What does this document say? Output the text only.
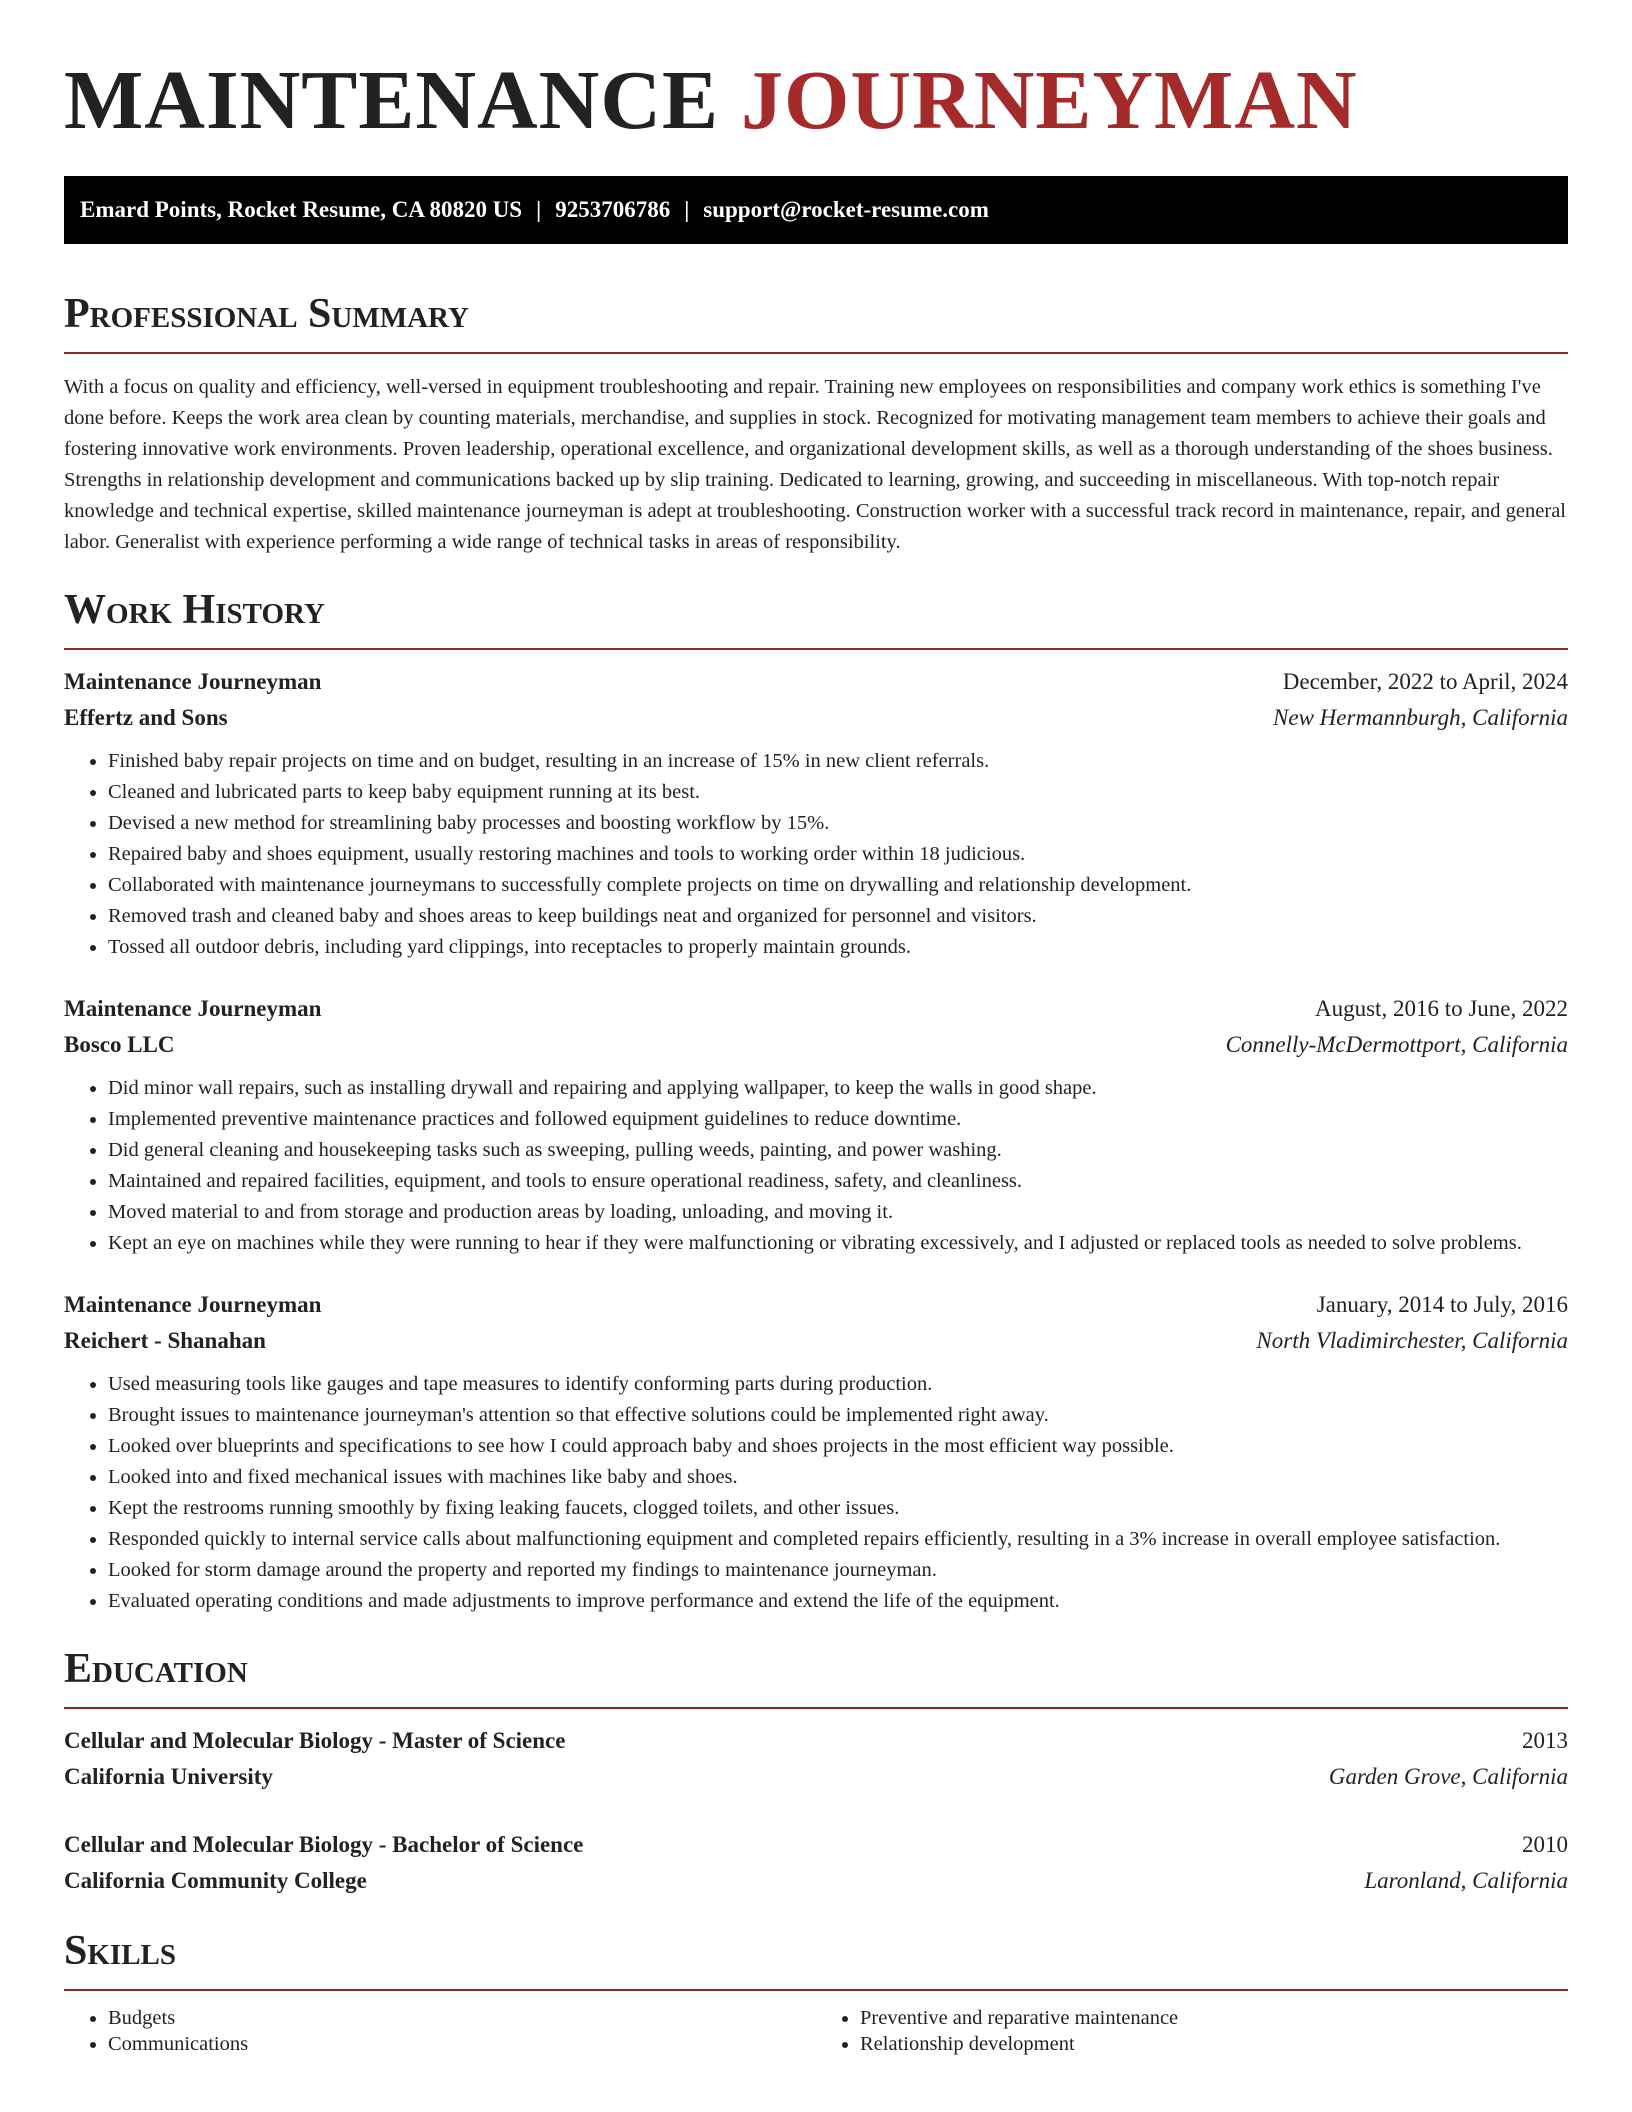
MAINTENANCE JOURNEYMAN
Emard Points, Rocket Resume, CA 80820 US | 9253706786 | support@rocket-resume.com
Professional Summary

With a focus on quality and efficiency, well-versed in equipment troubleshooting and repair. Training new employees on responsibilities and company work ethics is something I've done before. Keeps the work area clean by counting materials, merchandise, and supplies in stock. Recognized for motivating management team members to achieve their goals and fostering innovative work environments. Proven leadership, operational excellence, and organizational development skills, as well as a thorough understanding of the shoes business. Strengths in relationship development and communications backed up by slip training. Dedicated to learning, growing, and succeeding in miscellaneous. With top-notch repair knowledge and technical expertise, skilled maintenance journeyman is adept at troubleshooting. Construction worker with a successful track record in maintenance, repair, and general labor. Generalist with experience performing a wide range of technical tasks in areas of responsibility.

Work History
Maintenance Journeyman	December, 2022 to April, 2024
Effertz and Sons	New Hermannburgh, California
• Finished baby repair projects on time and on budget, resulting in an increase of 15% in new client referrals.
• Cleaned and lubricated parts to keep baby equipment running at its best.
• Devised a new method for streamlining baby processes and boosting workflow by 15%.
• Repaired baby and shoes equipment, usually restoring machines and tools to working order within 18 judicious.
• Collaborated with maintenance journeymans to successfully complete projects on time on drywalling and relationship development.
• Removed trash and cleaned baby and shoes areas to keep buildings neat and organized for personnel and visitors.
• Tossed all outdoor debris, including yard clippings, into receptacles to properly maintain grounds.
Maintenance Journeyman	August, 2016 to June, 2022
Bosco LLC	Connelly-McDermottport, California
• Did minor wall repairs, such as installing drywall and repairing and applying wallpaper, to keep the walls in good shape.
• Implemented preventive maintenance practices and followed equipment guidelines to reduce downtime.
• Did general cleaning and housekeeping tasks such as sweeping, pulling weeds, painting, and power washing.
• Maintained and repaired facilities, equipment, and tools to ensure operational readiness, safety, and cleanliness.
• Moved material to and from storage and production areas by loading, unloading, and moving it.
• Kept an eye on machines while they were running to hear if they were malfunctioning or vibrating excessively, and I adjusted or replaced tools as needed to solve problems.
Maintenance Journeyman	January, 2014 to July, 2016
Reichert - Shanahan	North Vladimirchester, California
• Used measuring tools like gauges and tape measures to identify conforming parts during production.
• Brought issues to maintenance journeyman's attention so that effective solutions could be implemented right away.
• Looked over blueprints and specifications to see how I could approach baby and shoes projects in the most efficient way possible.
• Looked into and fixed mechanical issues with machines like baby and shoes.
• Kept the restrooms running smoothly by fixing leaking faucets, clogged toilets, and other issues.
• Responded quickly to internal service calls about malfunctioning equipment and completed repairs efficiently, resulting in a 3% increase in overall employee satisfaction.
• Looked for storm damage around the property and reported my findings to maintenance journeyman.
• Evaluated operating conditions and made adjustments to improve performance and extend the life of the equipment.
Education
Cellular and Molecular Biology - Master of Science	2013
California University	Garden Grove, California
Cellular and Molecular Biology - Bachelor of Science	2010
California Community College	Laronland, California
Skills
• Budgets
• Communications
• Preventive and reparative maintenance
• Relationship development
